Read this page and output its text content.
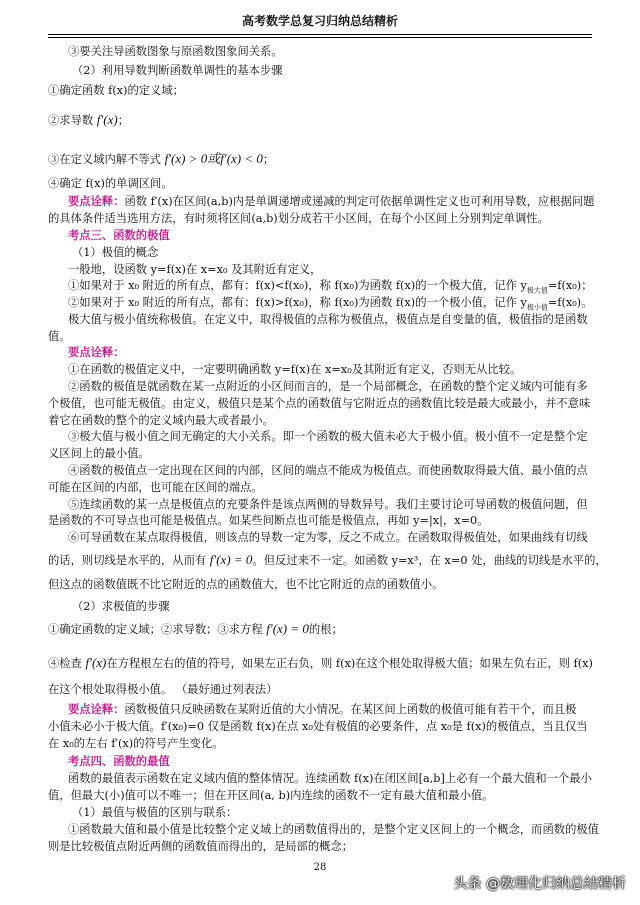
高考数学总复习归纳总结精析
③要关注导函数图象与原函数图象间关系。
（2）利用导数判断函数单调性的基本步骤
①确定函数 f(x)的定义域；
②求导数 f′(x)；
③在定义域内解不等式 f′(x) > 0或f′(x) < 0；
④确定 f(x)的单调区间。
要点诠释：函数 f′(x)在区间(a,b)内是单调递增或递减的判定可依据单调性定义也可利用导数，应根据问题
的具体条件适当选用方法，有时须将区间(a,b)划分成若干小区间，在每个小区间上分别判定单调性。
考点三、函数的极值
（1）极值的概念
一般地，设函数 y=f(x)在 x=x₀ 及其附近有定义，
①如果对于 x₀ 附近的所有点，都有：f(x)<f(x₀)，称 f(x₀)为函数 f(x)的一个极大值，记作 $y_{极大值}=f(x_0)$；
②如果对于 x₀ 附近的所有点，都有：f(x)>f(x₀)，称 f(x₀)为函数 f(x)的一个极小值，记作 $y_{极小值}=f(x_0)$。
极大值与极小值统称极值。在定义中，取得极值的点称为极值点，极值点是自变量的值，极值指的是函数
值。
要点诠释：
①在函数的极值定义中，一定要明确函数 y=f(x)在 x=x₀及其附近有定义，否则无从比较。
②函数的极值是就函数在某一点附近的小区间而言的，是一个局部概念，在函数的整个定义域内可能有多
个极值，也可能无极值。由定义，极值只是某个点的函数值与它附近点的函数值比较是最大或最小，并不意味
着它在函数的整个的定义域内最大或者最小。
③极大值与极小值之间无确定的大小关系。即一个函数的极大值未必大于极小值。极小值不一定是整个定
义区间上的最小值。
④函数的极值点一定出现在区间的内部，区间的端点不能成为极值点。而使函数取得最大值、最小值的点
可能在区间的内部，也可能在区间的端点。
⑤连续函数的某一点是极值点的充要条件是该点两侧的导数异号。我们主要讨论可导函数的极值问题，但
是函数的不可导点也可能是极值点。如某些间断点也可能是极值点，再如 y=|x|，x=0。
⑥可导函数在某点取得极值，则该点的导数一定为零，反之不成立。在函数取得极值处，如果曲线有切线
的话，则切线是水平的，从而有 f′(x) = 0。但反过来不一定。如函数 y=x³，在 x=0 处，曲线的切线是水平的，
但这点的函数值既不比它附近的点的函数值大，也不比它附近的点的函数值小。
（2）求极值的步骤
①确定函数的定义域；②求导数；③求方程 f′(x) = 0的根；
④检查 f′(x)在方程根左右的值的符号，如果左正右负，则 f(x)在这个根处取得极大值；如果左负右正，则 f(x)
在这个根处取得极小值。 （最好通过列表法）
要点诠释：函数极值只反映函数在某附近值的大小情况。在某区间上函数的极值可能有若干个，而且极
小值未必小于极大值。f′(x₀)=0 仅是函数 f(x)在点 x₀处有极值的必要条件，点 x₀是 f(x)的极值点，当且仅当
在 x₀的左右 f′(x)的符号产生变化。
考点四、函数的最值
函数的最值表示函数在定义域内值的整体情况。连续函数 f(x)在闭区间[a,b]上必有一个最大值和一个最小
值，但最大(小)值可以不唯一；但在开区间(a, b)内连续的函数不一定有最大值和最小值。
（1）最值与极值的区别与联系：
①函数最大值和最小值是比较整个定义域上的函数值得出的，是整个定义区间上的一个概念，而函数的极值
则是比较极值点附近两侧的函数值而得出的，是局部的概念；
28
头条 @数理化归纳总结精析
